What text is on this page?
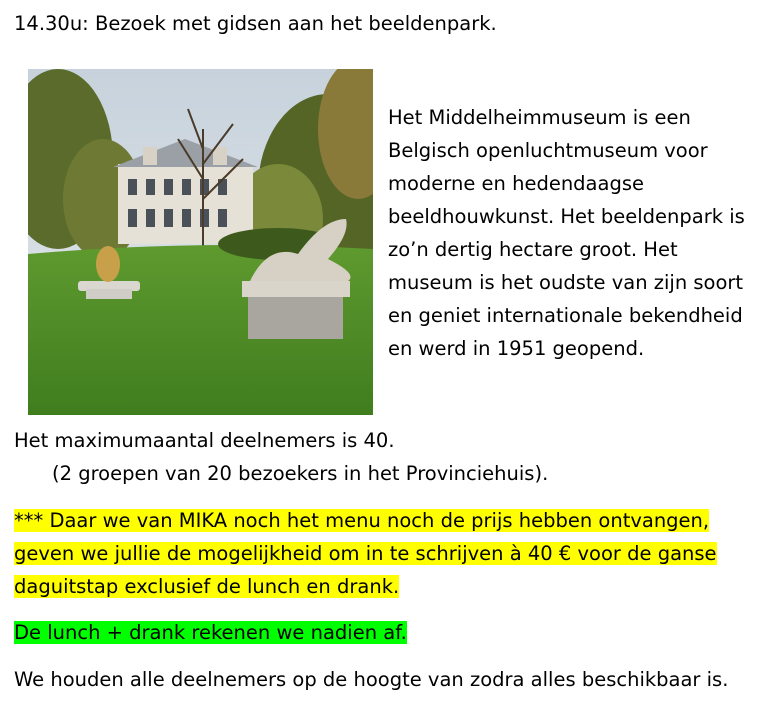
14.30u: Bezoek met gidsen aan het beeldenpark.
Het Middelheimmuseum is een
Belgisch openluchtmuseum voor
moderne en hedendaagse
beeldhouwkunst. Het beeldenpark is
zo’n dertig hectare groot. Het
museum is het oudste van zijn soort
en geniet internationale bekendheid
en werd in 1951 geopend.
Het maximumaantal deelnemers is 40.
(2 groepen van 20 bezoekers in het Provinciehuis).
*** Daar we van MIKA noch het menu noch de prijs hebben ontvangen,
geven we jullie de mogelijkheid om in te schrijven à 40 € voor de ganse
daguitstap exclusief de lunch en drank.
De lunch + drank rekenen we nadien af.
We houden alle deelnemers op de hoogte van zodra alles beschikbaar is.
